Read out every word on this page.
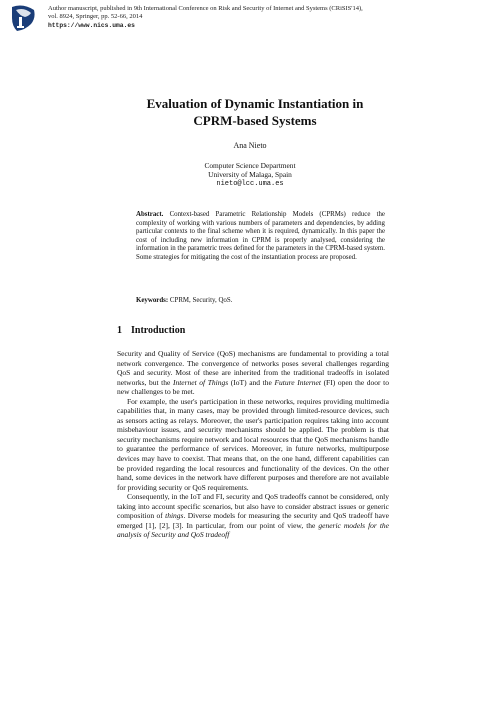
Author manuscript, published in 9th International Conference on Risk and Security of Internet and Systems (CRiSIS'14),
vol. 8924, Springer, pp. 52-66, 2014
https://www.nics.uma.es
Evaluation of Dynamic Instantiation in
CPRM-based Systems
Ana Nieto
Computer Science Department
University of Malaga, Spain
nieto@lcc.uma.es
Abstract. Context-based Parametric Relationship Models (CPRMs) reduce the complexity of working with various numbers of parameters and dependencies, by adding particular contexts to the final scheme when it is required, dynamically. In this paper the cost of including new information in CPRM is properly analysed, considering the information in the parametric trees defined for the parameters in the CPRM-based system. Some strategies for mitigating the cost of the instantiation process are proposed.
Keywords: CPRM, Security, QoS.
1 Introduction

Security and Quality of Service (QoS) mechanisms are fundamental to providing a total network convergence. The convergence of networks poses several challenges regarding QoS and security. Most of these are inherited from the traditional tradeoffs in isolated networks, but the Internet of Things (IoT) and the Future Internet (FI) open the door to new challenges to be met.

For example, the user's participation in these networks, requires providing multimedia capabilities that, in many cases, may be provided through limited-resource devices, such as sensors acting as relays. Moreover, the user's participation requires taking into account misbehaviour issues, and security mechanisms should be applied. The problem is that security mechanisms require network and local resources that the QoS mechanisms handle to guarantee the performance of services. Moreover, in future networks, multipurpose devices may have to coexist. That means that, on the one hand, different capabilities can be provided regarding the local resources and functionality of the devices. On the other hand, some devices in the network have different purposes and therefore are not available for providing security or QoS requirements.

Consequently, in the IoT and FI, security and QoS tradeoffs cannot be considered, only taking into account specific scenarios, but also have to consider abstract issues or generic composition of things. Diverse models for measuring the security and QoS tradeoff have emerged [1], [2], [3]. In particular, from our point of view, the generic models for the analysis of Security and QoS tradeoff
